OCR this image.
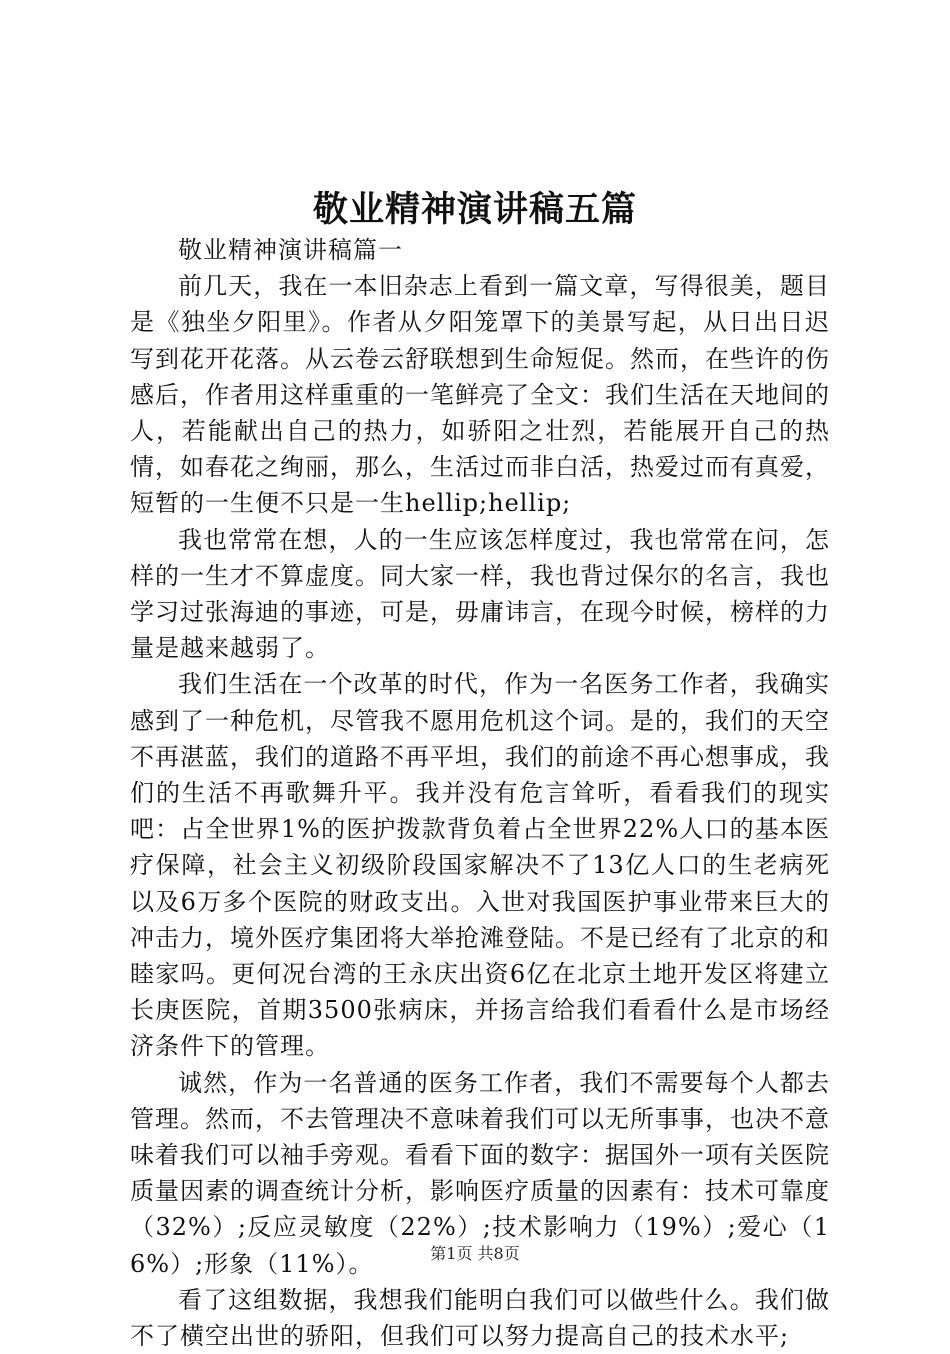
敬业精神演讲稿五篇

敬业精神演讲稿篇一

前几天，我在一本旧杂志上看到一篇文章，写得很美，题目是《独坐夕阳里》。作者从夕阳笼罩下的美景写起，从日出日迟写到花开花落。从云卷云舒联想到生命短促。然而，在些许的伤感后，作者用这样重重的一笔鲜亮了全文：我们生活在天地间的人，若能献出自己的热力，如骄阳之壮烈，若能展开自己的热情，如春花之绚丽，那么，生活过而非白活，热爱过而有真爱，短暂的一生便不只是一生hellip;hellip;

我也常常在想，人的一生应该怎样度过，我也常常在问，怎样的一生才不算虚度。同大家一样，我也背过保尔的名言，我也学习过张海迪的事迹，可是，毋庸讳言，在现今时候，榜样的力量是越来越弱了。

我们生活在一个改革的时代，作为一名医务工作者，我确实感到了一种危机，尽管我不愿用危机这个词。是的，我们的天空不再湛蓝，我们的道路不再平坦，我们的前途不再心想事成，我们的生活不再歌舞升平。我并没有危言耸听，看看我们的现实吧：占全世界1%的医护拨款背负着占全世界22%人口的基本医疗保障，社会主义初级阶段国家解决不了13亿人口的生老病死以及6万多个医院的财政支出。入世对我国医护事业带来巨大的冲击力，境外医疗集团将大举抢滩登陆。不是已经有了北京的和睦家吗。更何况台湾的王永庆出资6亿在北京土地开发区将建立长庚医院，首期3500张病床，并扬言给我们看看什么是市场经济条件下的管理。

诚然，作为一名普通的医务工作者，我们不需要每个人都去管理。然而，不去管理决不意味着我们可以无所事事，也决不意味着我们可以袖手旁观。看看下面的数字：据国外一项有关医院质量因素的调查统计分析，影响医疗质量的因素有：技术可靠度（32%）;反应灵敏度（22%）;技术影响力（19%）;爱心（16%）;形象（11%）。

看了这组数据，我想我们能明白我们可以做些什么。我们做不了横空出世的骄阳，但我们可以努力提高自己的技术水平;

第1页 共8页
